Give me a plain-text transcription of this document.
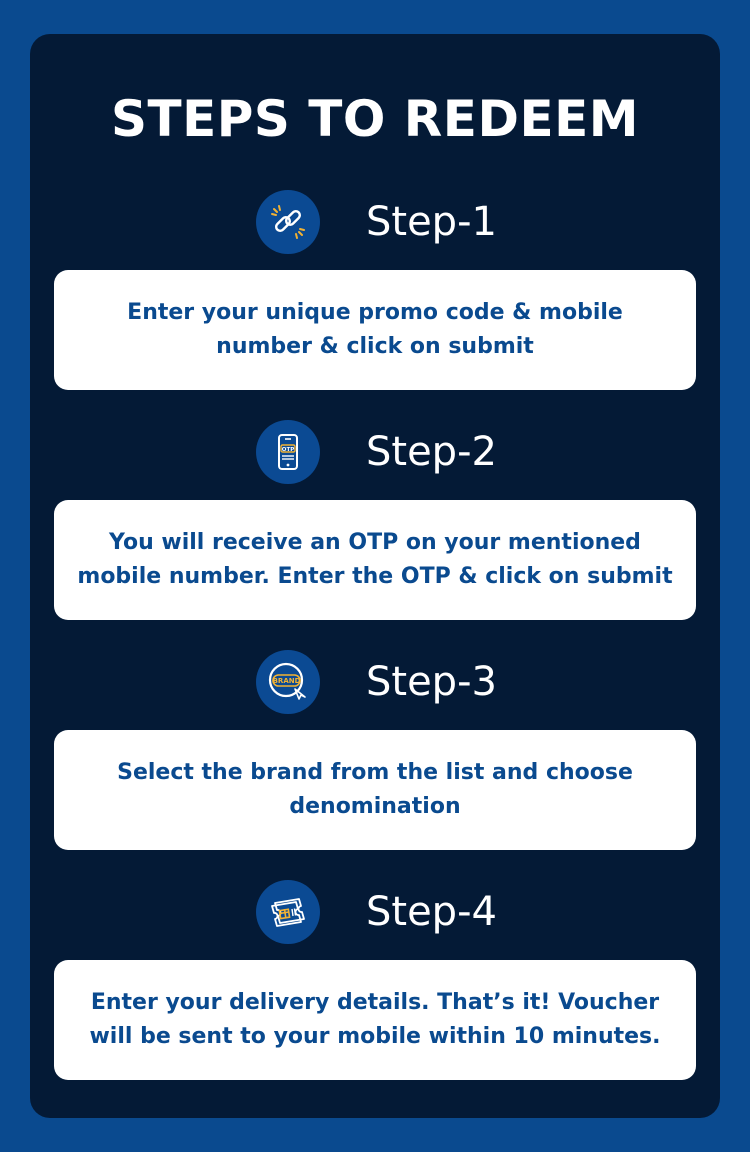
STEPS TO REDEEM
Step-1
Enter your unique promo code & mobile number & click on submit
OTP Step-2
You will receive an OTP on your mentioned mobile number. Enter the OTP & click on submit
BRAND Step-3
Select the brand from the list and choose denomination
Step-4
Enter your delivery details. That’s it! Voucher will be sent to your mobile within 10 minutes.
